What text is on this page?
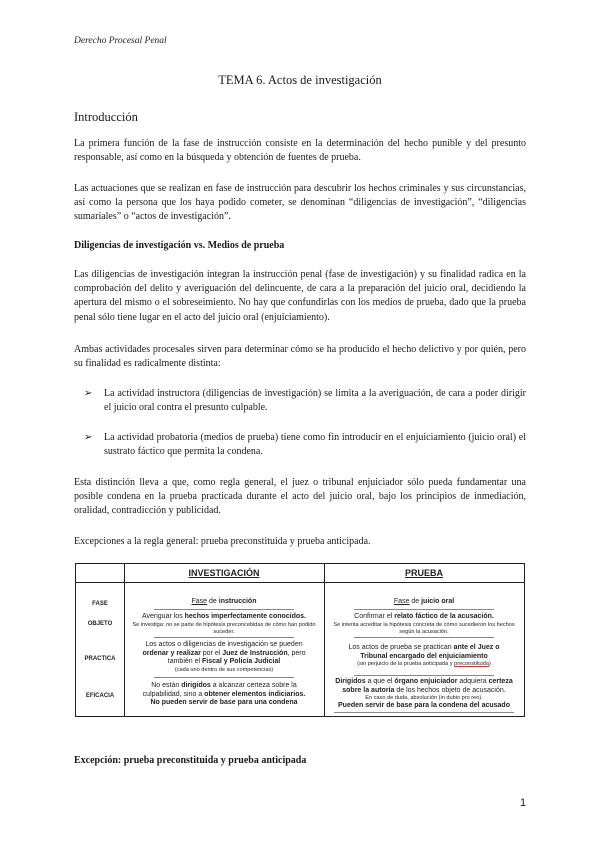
Derecho Procesal Penal
TEMA 6. Actos de investigación
Introducción

La primera función de la fase de instrucción consiste en la determinación del hecho punible y del presunto responsable, así como en la búsqueda y obtención de fuentes de prueba.

Las actuaciones que se realizan en fase de instrucción para descubrir los hechos criminales y sus circunstancias, así como la persona que los haya podido cometer, se denominan “diligencias de investigación”, “diligencias sumariales” o “actos de investigación”.

Diligencias de investigación vs. Medios de prueba

Las diligencias de investigación integran la instrucción penal (fase de investigación) y su finalidad radica en la comprobación del delito y averiguación del delincuente, de cara a la preparación del juicio oral, decidiendo la apertura del mismo o el sobreseimiento. No hay que confundirlas con los medios de prueba, dado que la prueba penal sólo tiene lugar en el acto del juicio oral (enjuiciamiento).

Ambas actividades procesales sirven para determinar cómo se ha producido el hecho delictivo y por quién, pero su finalidad es radicalmente distinta:

➢ La actividad instructora (diligencias de investigación) se limita a la averiguación, de cara a poder dirigir el juicio oral contra el presunto culpable.

➢ La actividad probatoria (medios de prueba) tiene como fin introducir en el enjuiciamiento (juicio oral) el sustrato fáctico que permita la condena.

Esta distinción lleva a que, como regla general, el juez o tribunal enjuiciador sólo pueda fundamentar una posible condena en la prueba practicada durante el acto del juicio oral, bajo los principios de inmediación, oralidad, contradicción y publicidad.

Excepciones a la regla general: prueba preconstituida y prueba anticipada.

INVESTIGACIÓN	PRUEBA
FASE
OBJETO
PRACTICA
EFICACIA
Fase de instrucción
Averiguar los hechos imperfectamente conocidos.
Se investiga: no se parte de hipótesis preconcebidas de cómo han podido suceder.
Los actos o diligencias de investigación se pueden
ordenar y realizar por el Juez de Instrucción, pero
también el Fiscal y Policía Judicial
(cada uno dentro de sus competencias)
No están dirigidos a alcanzar certeza sobre la
culpabilidad, sino a obtener elementos indiciarios.
No pueden servir de base para una condena
Fase de juicio oral
Confirmar el relato fáctico de la acusación.
Se intenta acreditar la hipótesis concreta de cómo sucedieron los hechos según la acusación.
Los actos de prueba se practican ante el Juez o
Tribunal encargado del enjuiciamiento
(sin perjuicio de la prueba anticipada y preconstituida)
Dirigidos a que el órgano enjuiciador adquiera certeza
sobre la autoría de los hechos objeto de acusación.
En caso de duda, absolución (in dubio pro reo).
Pueden servir de base para la condena del acusado
Excepción: prueba preconstituida y prueba anticipada
1
